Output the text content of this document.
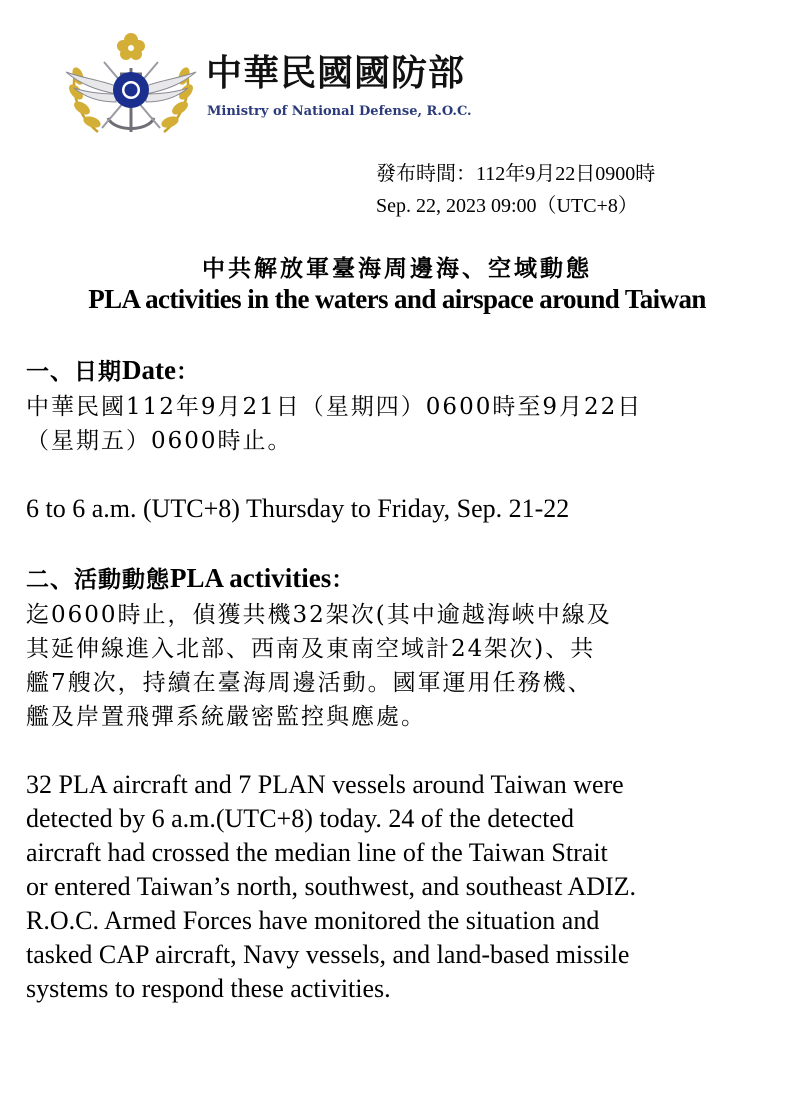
中華民國國防部
Ministry of National Defense, R.O.C.
發布時間：112年9月22日0900時
Sep. 22, 2023 09:00（UTC+8）
中共解放軍臺海周邊海、空域動態
PLA activities in the waters and airspace around Taiwan
一、日期Date：
中華民國112年9月21日（星期四）0600時至9月22日
（星期五）0600時止。
6 to 6 a.m. (UTC+8) Thursday to Friday, Sep. 21-22
二、活動動態PLA activities：
迄0600時止，偵獲共機32架次(其中逾越海峽中線及
其延伸線進入北部、西南及東南空域計24架次)、共
艦7艘次，持續在臺海周邊活動。國軍運用任務機、
艦及岸置飛彈系統嚴密監控與應處。
32 PLA aircraft and 7 PLAN vessels around Taiwan were
detected by 6 a.m.(UTC+8) today. 24 of the detected
aircraft had crossed the median line of the Taiwan Strait
or entered Taiwan’s north, southwest, and southeast ADIZ.
R.O.C. Armed Forces have monitored the situation and
tasked CAP aircraft, Navy vessels, and land-based missile
systems to respond these activities.
